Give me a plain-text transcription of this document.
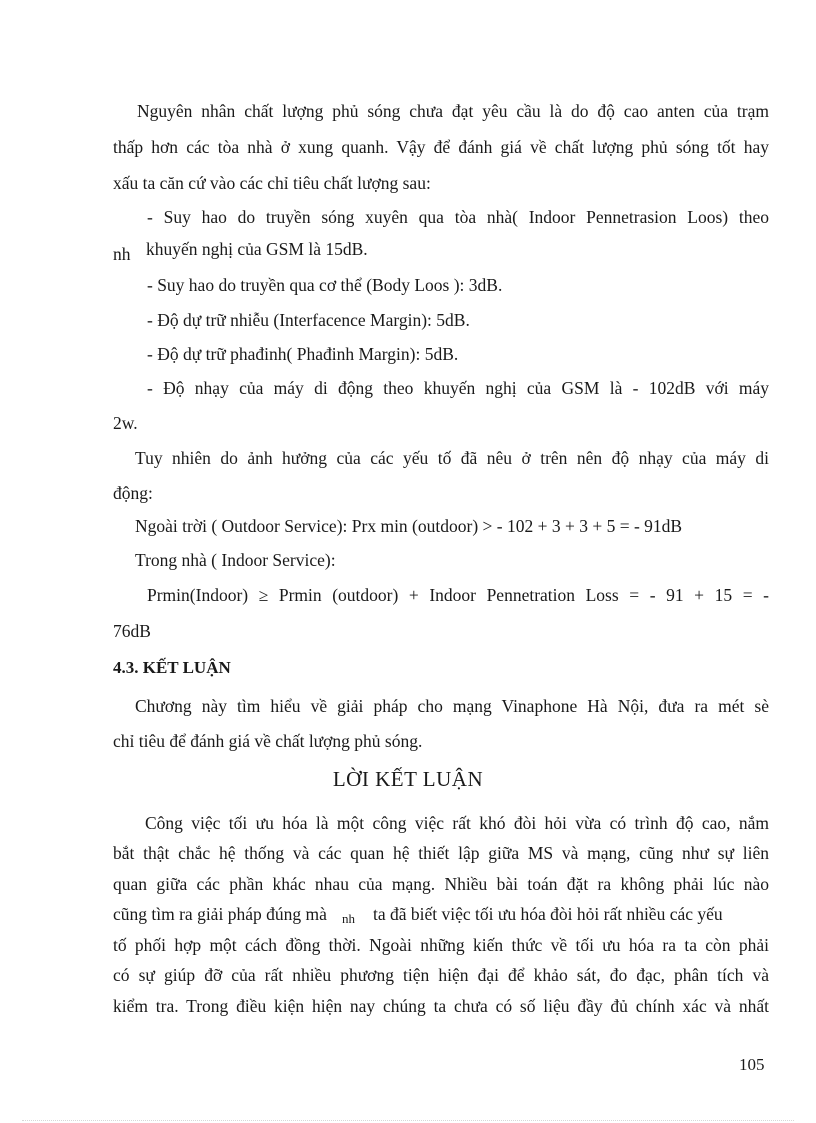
Nguyên nhân chất lượng phủ sóng chưa đạt yêu cầu là do độ cao anten của trạm
thấp hơn các tòa nhà ở xung quanh. Vậy để đánh giá về chất lượng phủ sóng tốt hay
xấu ta căn cứ vào các chỉ tiêu chất lượng sau:
- Suy hao do truyền sóng xuyên qua tòa nhà( Indoor Pennetrasion Loos) theo
nh khuyến nghị của GSM là 15dB.
- Suy hao do truyền qua cơ thể (Body Loos ): 3dB.
- Độ dự trữ nhiễu (Interfacence Margin): 5dB.
- Độ dự trữ phađinh( Phađinh Margin): 5dB.
- Độ nhạy của máy di động theo khuyến nghị của GSM là - 102dB với máy
2w.
Tuy nhiên do ảnh hưởng của các yếu tố đã nêu ở trên nên độ nhạy của máy di
động:
Ngoài trời ( Outdoor Service): Prx min (outdoor) > - 102 + 3 + 3 + 5 = - 91dB
Trong nhà ( Indoor Service):
Prmin(Indoor) ≥ Prmin (outdoor) + Indoor Pennetration Loss = - 91 + 15 = -
76dB
4.3. KẾT LUẬN
Chương này tìm hiểu về giải pháp cho mạng Vinaphone Hà Nội, đưa ra mét sè
chỉ tiêu để đánh giá về chất lượng phủ sóng.
LỜI KẾT LUẬN
Công việc tối ưu hóa là một công việc rất khó đòi hỏi vừa có trình độ cao, nắm
bắt thật chắc hệ thống và các quan hệ thiết lập giữa MS và mạng, cũng như sự liên
quan giữa các phần khác nhau của mạng. Nhiều bài toán đặt ra không phải lúc nào
cũng tìm ra giải pháp đúng mà nh ta đã biết việc tối ưu hóa đòi hỏi rất nhiều các yếu
tố phối hợp một cách đồng thời. Ngoài những kiến thức về tối ưu hóa ra ta còn phải
có sự giúp đỡ của rất nhiều phương tiện hiện đại để khảo sát, đo đạc, phân tích và
kiểm tra. Trong điều kiện hiện nay chúng ta chưa có số liệu đầy đủ chính xác và nhất
105
